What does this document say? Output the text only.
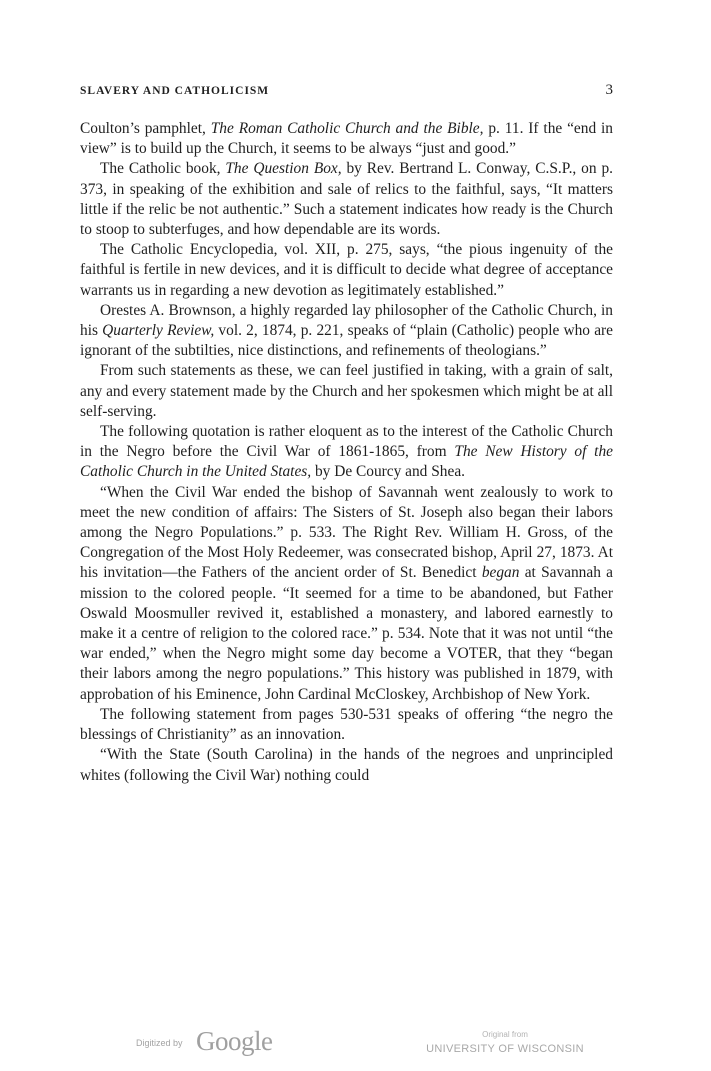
SLAVERY AND CATHOLICISM	3

Coulton’s pamphlet, The Roman Catholic Church and the Bible, p. 11. If the “end in view” is to build up the Church, it seems to be always “just and good.”

The Catholic book, The Question Box, by Rev. Bertrand L. Conway, C.S.P., on p. 373, in speaking of the exhibition and sale of relics to the faithful, says, “It matters little if the relic be not authentic.” Such a statement indicates how ready is the Church to stoop to subterfuges, and how dependable are its words.

The Catholic Encyclopedia, vol. XII, p. 275, says, “the pious ingenuity of the faithful is fertile in new devices, and it is difficult to decide what degree of acceptance warrants us in regarding a new devotion as legitimately established.”

Orestes A. Brownson, a highly regarded lay philosopher of the Catholic Church, in his Quarterly Review, vol. 2, 1874, p. 221, speaks of “plain (Catholic) people who are ignorant of the subtilties, nice distinctions, and refinements of theologians.”

From such statements as these, we can feel justified in taking, with a grain of salt, any and every statement made by the Church and her spokesmen which might be at all self-serving.

The following quotation is rather eloquent as to the interest of the Catholic Church in the Negro before the Civil War of 1861-1865, from The New History of the Catholic Church in the United States, by De Courcy and Shea.

“When the Civil War ended the bishop of Savannah went zealously to work to meet the new condition of affairs: The Sisters of St. Joseph also began their labors among the Negro Populations.” p. 533. The Right Rev. William H. Gross, of the Congregation of the Most Holy Redeemer, was consecrated bishop, April 27, 1873. At his invitation—the Fathers of the ancient order of St. Benedict began at Savannah a mission to the colored people. “It seemed for a time to be abandoned, but Father Oswald Moosmuller revived it, established a monastery, and labored earnestly to make it a centre of religion to the colored race.” p. 534. Note that it was not until “the war ended,” when the Negro might some day become a VOTER, that they “began their labors among the negro populations.” This history was published in 1879, with approbation of his Eminence, John Cardinal McCloskey, Archbishop of New York.

The following statement from pages 530-531 speaks of offering “the negro the blessings of Christianity” as an innovation.

“With the State (South Carolina) in the hands of the negroes and unprincipled whites (following the Civil War) nothing could

Digitized by Google	Original from
UNIVERSITY OF WISCONSIN
